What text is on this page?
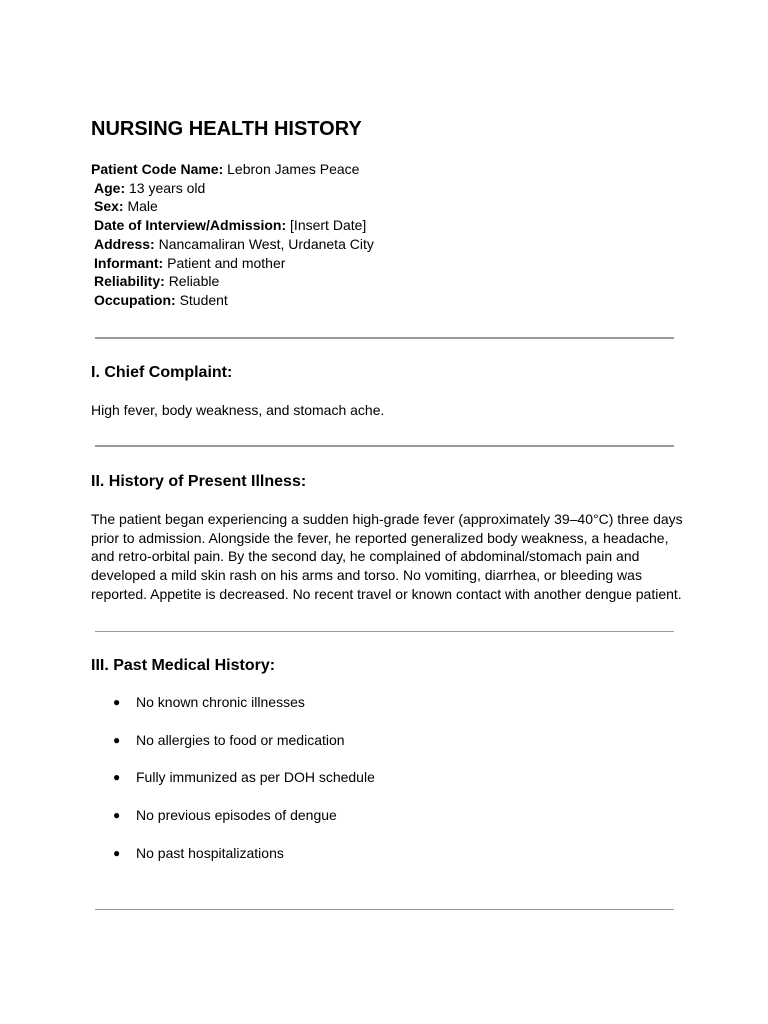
NURSING HEALTH HISTORY
Patient Code Name: Lebron James Peace
Age: 13 years old
Sex: Male
Date of Interview/Admission: [Insert Date]
Address: Nancamaliran West, Urdaneta City
Informant: Patient and mother
Reliability: Reliable
Occupation: Student
I. Chief Complaint:

High fever, body weakness, and stomach ache.

II. History of Present Illness:
The patient began experiencing a sudden high-grade fever (approximately 39–40°C) three days
prior to admission. Alongside the fever, he reported generalized body weakness, a headache,
and retro-orbital pain. By the second day, he complained of abdominal/stomach pain and
developed a mild skin rash on his arms and torso. No vomiting, diarrhea, or bleeding was
reported. Appetite is decreased. No recent travel or known contact with another dengue patient.
III. Past Medical History:
● No known chronic illnesses
● No allergies to food or medication
● Fully immunized as per DOH schedule
● No previous episodes of dengue
● No past hospitalizations
